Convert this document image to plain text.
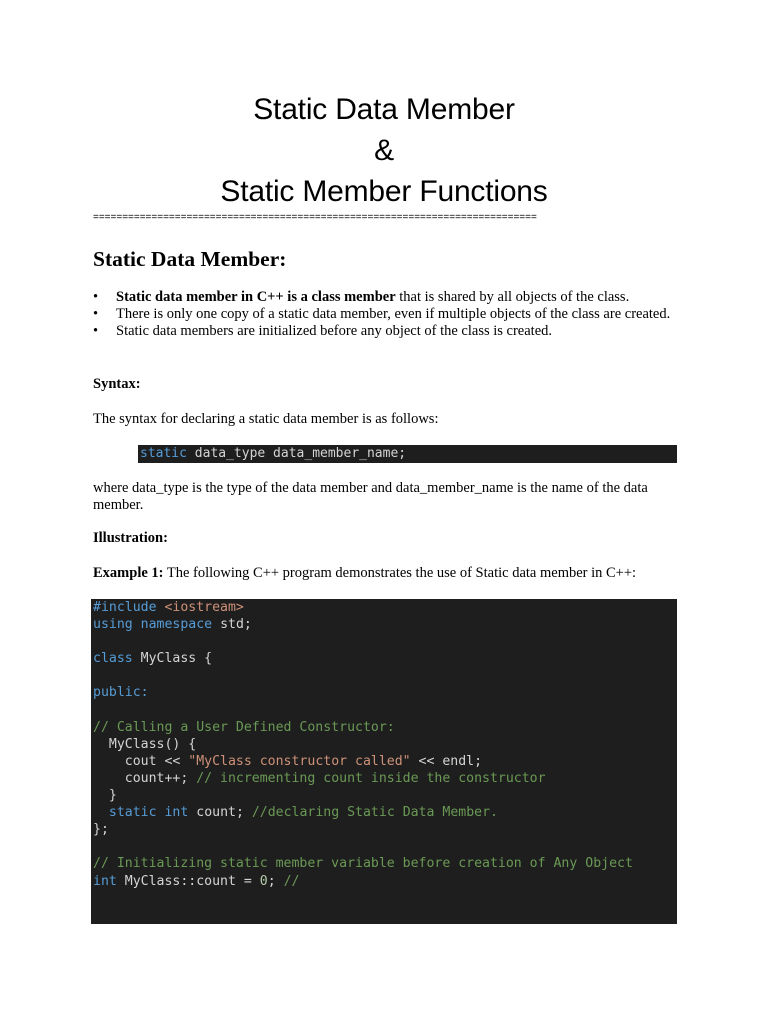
Static Data Member
&
Static Member Functions
============================================================================
Static Data Member:
• Static data member in C++ is a class member that is shared by all objects of the class.
• There is only one copy of a static data member, even if multiple objects of the class are created.
• Static data members are initialized before any object of the class is created.

Syntax:

The syntax for declaring a static data member is as follows:

static data_type data_member_name;

where data_type is the type of the data member and data_member_name is the name of the data member.

Illustration:

Example 1: The following C++ program demonstrates the use of Static data member in C++:

#include <iostream>
using namespace std;

class MyClass {

public:

// Calling a User Defined Constructor:
MyClass() {
cout << "MyClass constructor called" << endl;
count++; // incrementing count inside the constructor
}
static int count; //declaring Static Data Member.
};

// Initializing static member variable before creation of Any Object
int MyClass::count = 0; //
